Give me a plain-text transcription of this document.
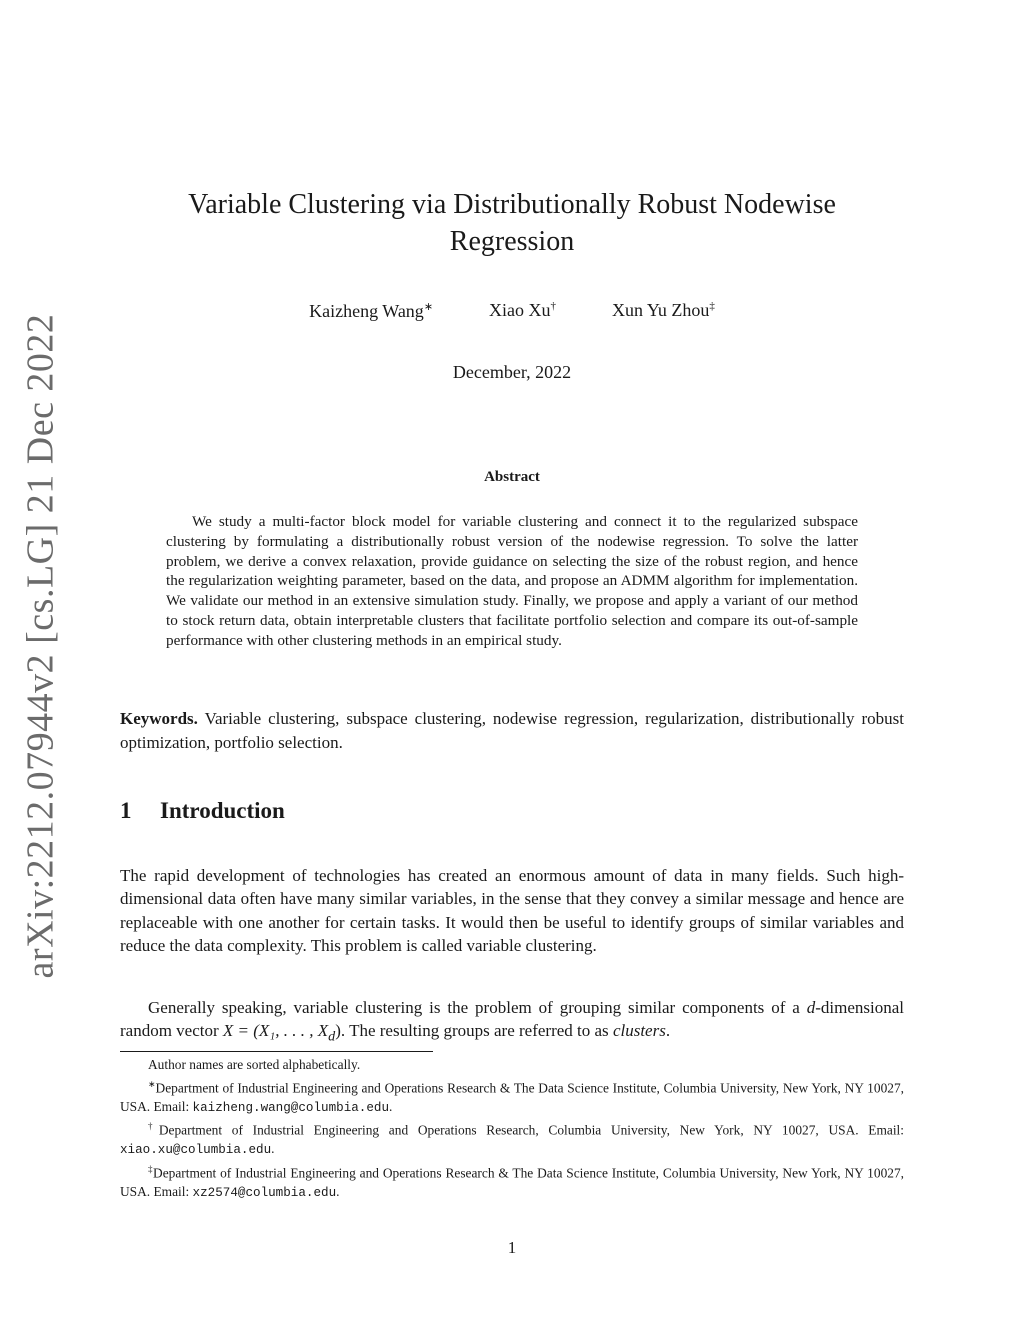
arXiv:2212.07944v2 [cs.LG] 21 Dec 2022
Variable Clustering via Distributionally Robust Nodewise Regression
Kaizheng Wang∗	Xiao Xu†	Xun Yu Zhou‡
December, 2022
Abstract
We study a multi-factor block model for variable clustering and connect it to the regularized subspace clustering by formulating a distributionally robust version of the nodewise regression. To solve the latter problem, we derive a convex relaxation, provide guidance on selecting the size of the robust region, and hence the regularization weighting parameter, based on the data, and propose an ADMM algorithm for implementation. We validate our method in an extensive simulation study. Finally, we propose and apply a variant of our method to stock return data, obtain interpretable clusters that facilitate portfolio selection and compare its out-of-sample performance with other clustering methods in an empirical study.
Keywords. Variable clustering, subspace clustering, nodewise regression, regularization, distributionally robust optimization, portfolio selection.
1 Introduction
The rapid development of technologies has created an enormous amount of data in many fields. Such high-dimensional data often have many similar variables, in the sense that they convey a similar message and hence are replaceable with one another for certain tasks. It would then be useful to identify groups of similar variables and reduce the data complexity. This problem is called variable clustering.
Generally speaking, variable clustering is the problem of grouping similar components of a d-dimensional random vector X = (X₁, . . . , $X_d$). The resulting groups are referred to as clusters.
Author names are sorted alphabetically.
∗Department of Industrial Engineering and Operations Research & The Data Science Institute, Columbia University, New York, NY 10027, USA. Email: kaizheng.wang@columbia.edu.
†Department of Industrial Engineering and Operations Research, Columbia University, New York, NY 10027, USA. Email: xiao.xu@columbia.edu.
‡Department of Industrial Engineering and Operations Research & The Data Science Institute, Columbia University, New York, NY 10027, USA. Email: xz2574@columbia.edu.
1
